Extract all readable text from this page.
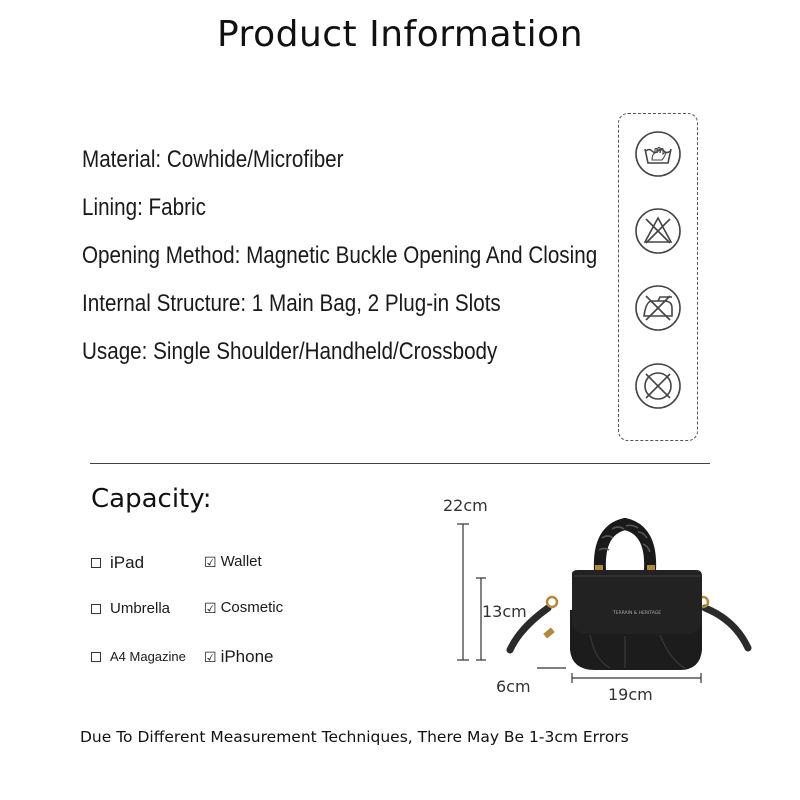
Product Information
Material: Cowhide/Microfiber
Lining: Fabric
Opening Method: Magnetic Buckle Opening And Closing
Internal Structure: 1 Main Bag, 2 Plug-in Slots
Usage: Single Shoulder/Handheld/Crossbody
Capacity:
iPad	☑ Wallet
Umbrella ☑ Cosmetic
A4 Magazine ☑ iPhone
22cm
13cm
6cm	19cm
TERRAIN & HERITAGE
Due To Different Measurement Techniques, There May Be 1-3cm Errors
